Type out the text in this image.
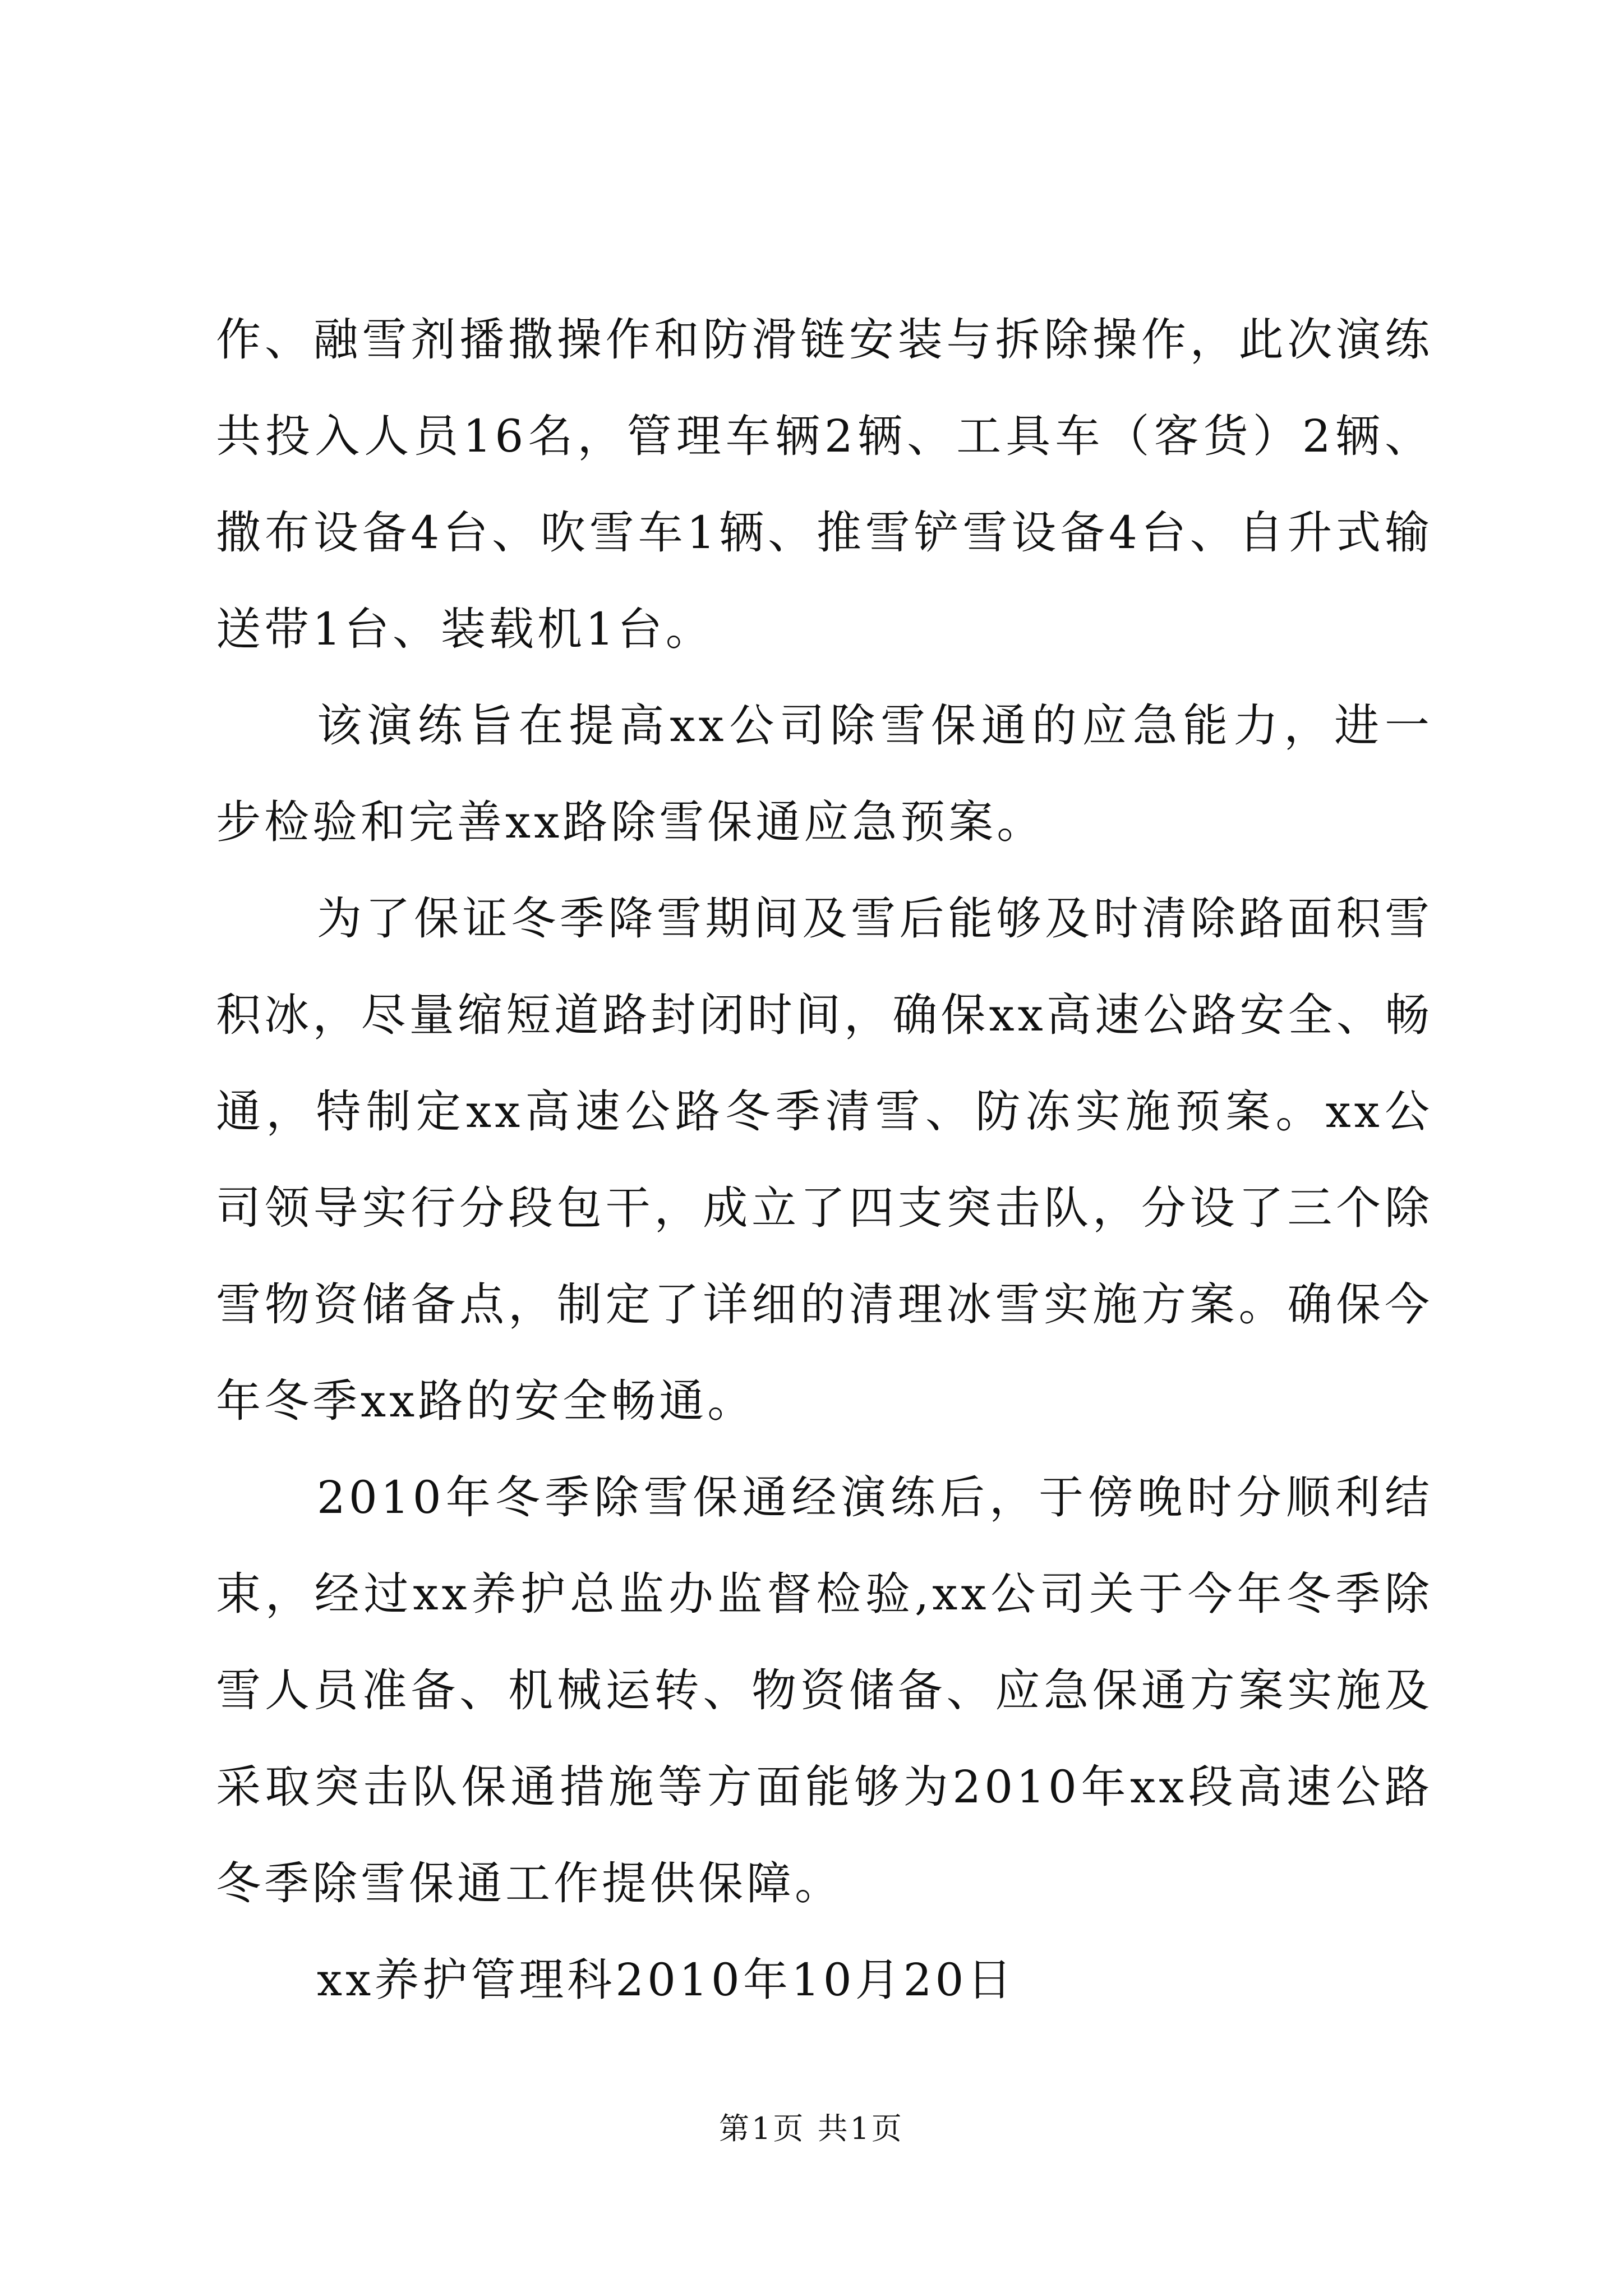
作、融雪剂播撒操作和防滑链安装与拆除操作，此次演练共投入人员16名，管理车辆2辆、工具车（客货）2辆、撒布设备4台、吹雪车1辆、推雪铲雪设备4台、自升式输送带1台、装载机1台。

该演练旨在提高xx公司除雪保通的应急能力，进一步检验和完善xx路除雪保通应急预案。

为了保证冬季降雪期间及雪后能够及时清除路面积雪积冰，尽量缩短道路封闭时间，确保xx高速公路安全、畅通，特制定xx高速公路冬季清雪、防冻实施预案。xx公司领导实行分段包干，成立了四支突击队，分设了三个除雪物资储备点，制定了详细的清理冰雪实施方案。确保今年冬季xx路的安全畅通。

2010年冬季除雪保通经演练后，于傍晚时分顺利结束，经过xx养护总监办监督检验,xx公司关于今年冬季除雪人员准备、机械运转、物资储备、应急保通方案实施及采取突击队保通措施等方面能够为2010年xx段高速公路冬季除雪保通工作提供保障。

xx养护管理科2010年10月20日

第1页 共1页
